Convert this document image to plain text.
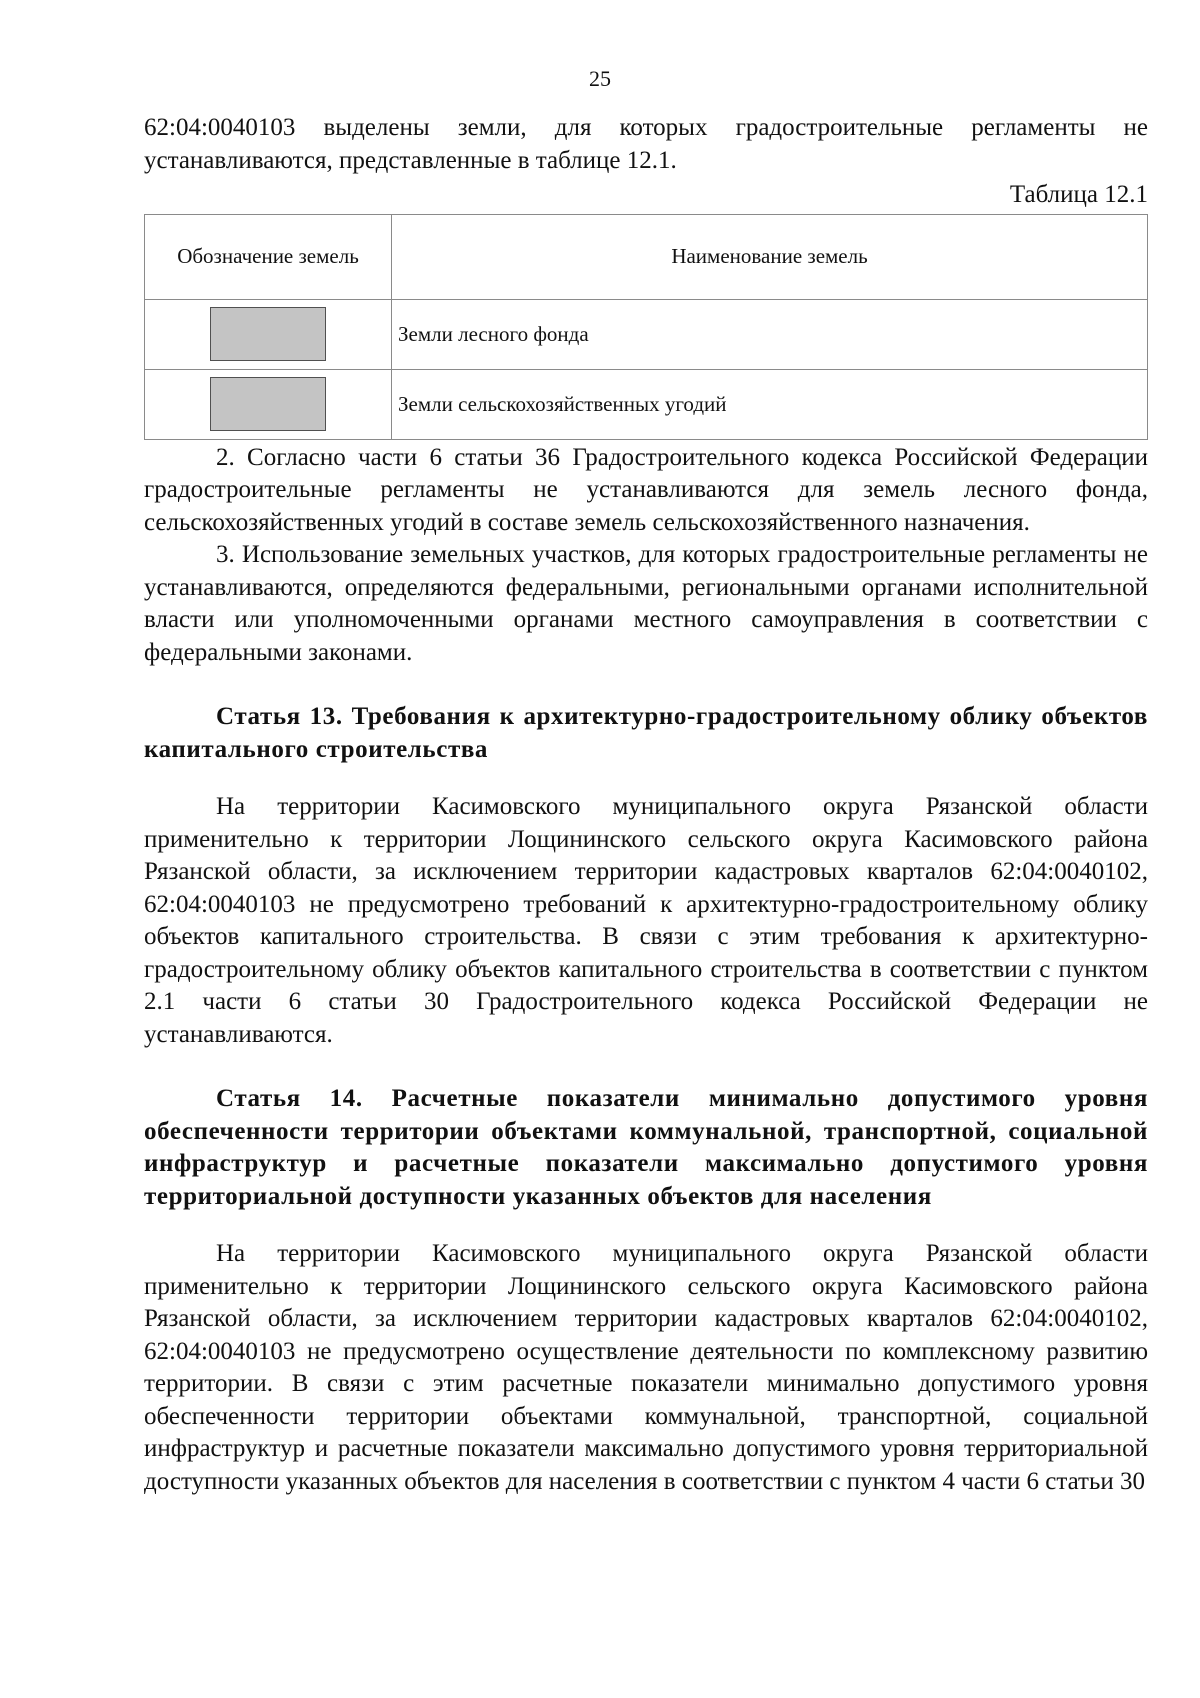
25

62:04:0040103 выделены земли, для которых градостроительные регламенты не устанавливаются, представленные в таблице 12.1.

Таблица 12.1
Обозначение земель	Наименование земель
	Земли лесного фонда
	Земли сельскохозяйственных угодий

2. Согласно части 6 статьи 36 Градостроительного кодекса Российской Федерации градостроительные регламенты не устанавливаются для земель лесного фонда, сельскохозяйственных угодий в составе земель сельскохозяйственного назначения.

3. Использование земельных участков, для которых градостроительные регламенты не устанавливаются, определяются федеральными, региональными органами исполнительной власти или уполномоченными органами местного самоуправления в соответствии с федеральными законами.

Статья 13. Требования к архитектурно-градостроительному облику объектов капитального строительства

На территории Касимовского муниципального округа Рязанской области применительно к территории Лощининского сельского округа Касимовского района Рязанской области, за исключением территории кадастровых кварталов 62:04:0040102, 62:04:0040103 не предусмотрено требований к архитектурно-градостроительному облику объектов капитального строительства. В связи с этим требования к архитектурно-градостроительному облику объектов капитального строительства в соответствии с пунктом 2.1 части 6 статьи 30 Градостроительного кодекса Российской Федерации не устанавливаются.

Статья 14. Расчетные показатели минимально допустимого уровня обеспеченности территории объектами коммунальной, транспортной, социальной инфраструктур и расчетные показатели максимально допустимого уровня территориальной доступности указанных объектов для населения

На территории Касимовского муниципального округа Рязанской области применительно к территории Лощининского сельского округа Касимовского района Рязанской области, за исключением территории кадастровых кварталов 62:04:0040102, 62:04:0040103 не предусмотрено осуществление деятельности по комплексному развитию территории. В связи с этим расчетные показатели минимально допустимого уровня обеспеченности территории объектами коммунальной, транспортной, социальной инфраструктур и расчетные показатели максимально допустимого уровня территориальной доступности указанных объектов для населения в соответствии с пунктом 4 части 6 статьи 30
